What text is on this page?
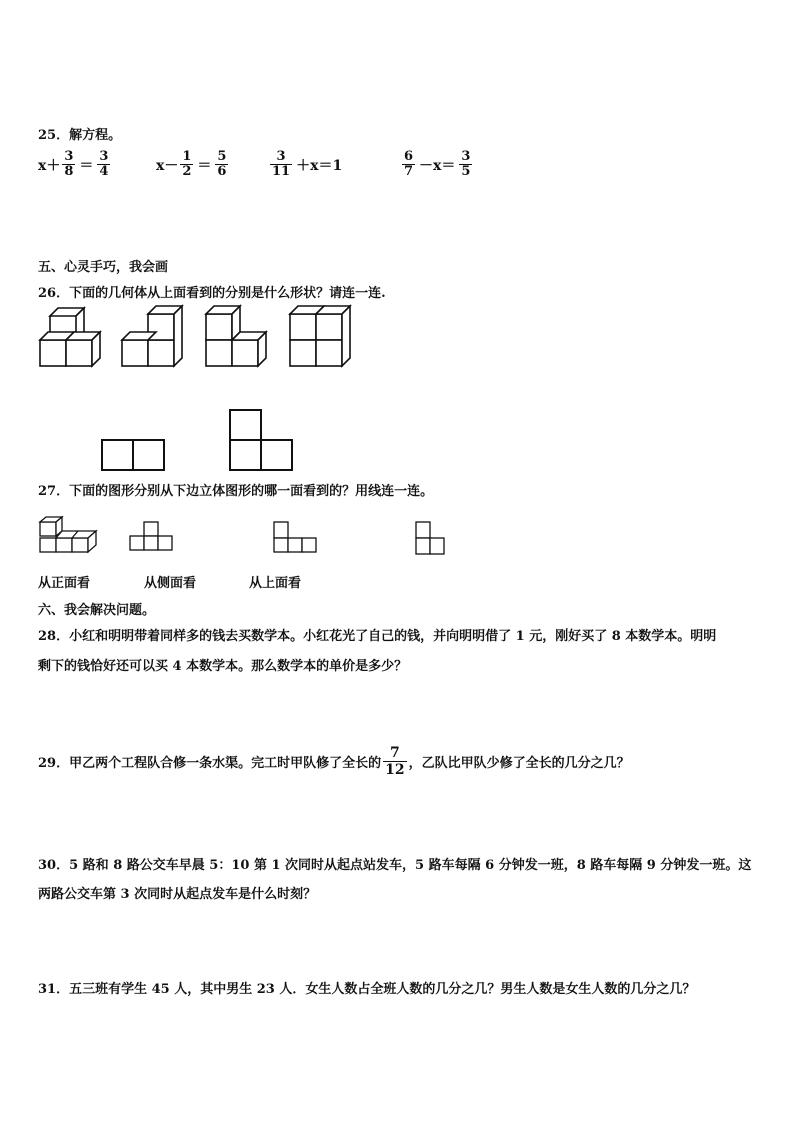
25．解方程。
$x+ \frac{3}{8} = \frac{3}{4}$	$x- \frac{1}{2} = \frac{5}{6}$	$\frac{3}{11} +x=1$	$\frac{6}{7} -x= \frac{3}{5}$
五、心灵手巧，我会画
26．下面的几何体从上面看到的分别是什么形状？请连一连.
27．下面的图形分别从下边立体图形的哪一面看到的？用线连一连。
从正面看	从侧面看	从上面看
六、我会解决问题。
28．小红和明明带着同样多的钱去买数学本。小红花光了自己的钱，并向明明借了 1 元，刚好买了 8 本数学本。明明
剩下的钱恰好还可以买 4 本数学本。那么数学本的单价是多少？
29．甲乙两个工程队合修一条水渠。完工时甲队修了全长的 $\frac{7}{12}$ ，乙队比甲队少修了全长的几分之几？
30．5 路和 8 路公交车早晨 5：10 第 1 次同时从起点站发车，5 路车每隔 6 分钟发一班，8 路车每隔 9 分钟发一班。这
两路公交车第 3 次同时从起点发车是什么时刻？
31．五三班有学生 45 人，其中男生 23 人．女生人数占全班人数的几分之几？男生人数是女生人数的几分之几？
